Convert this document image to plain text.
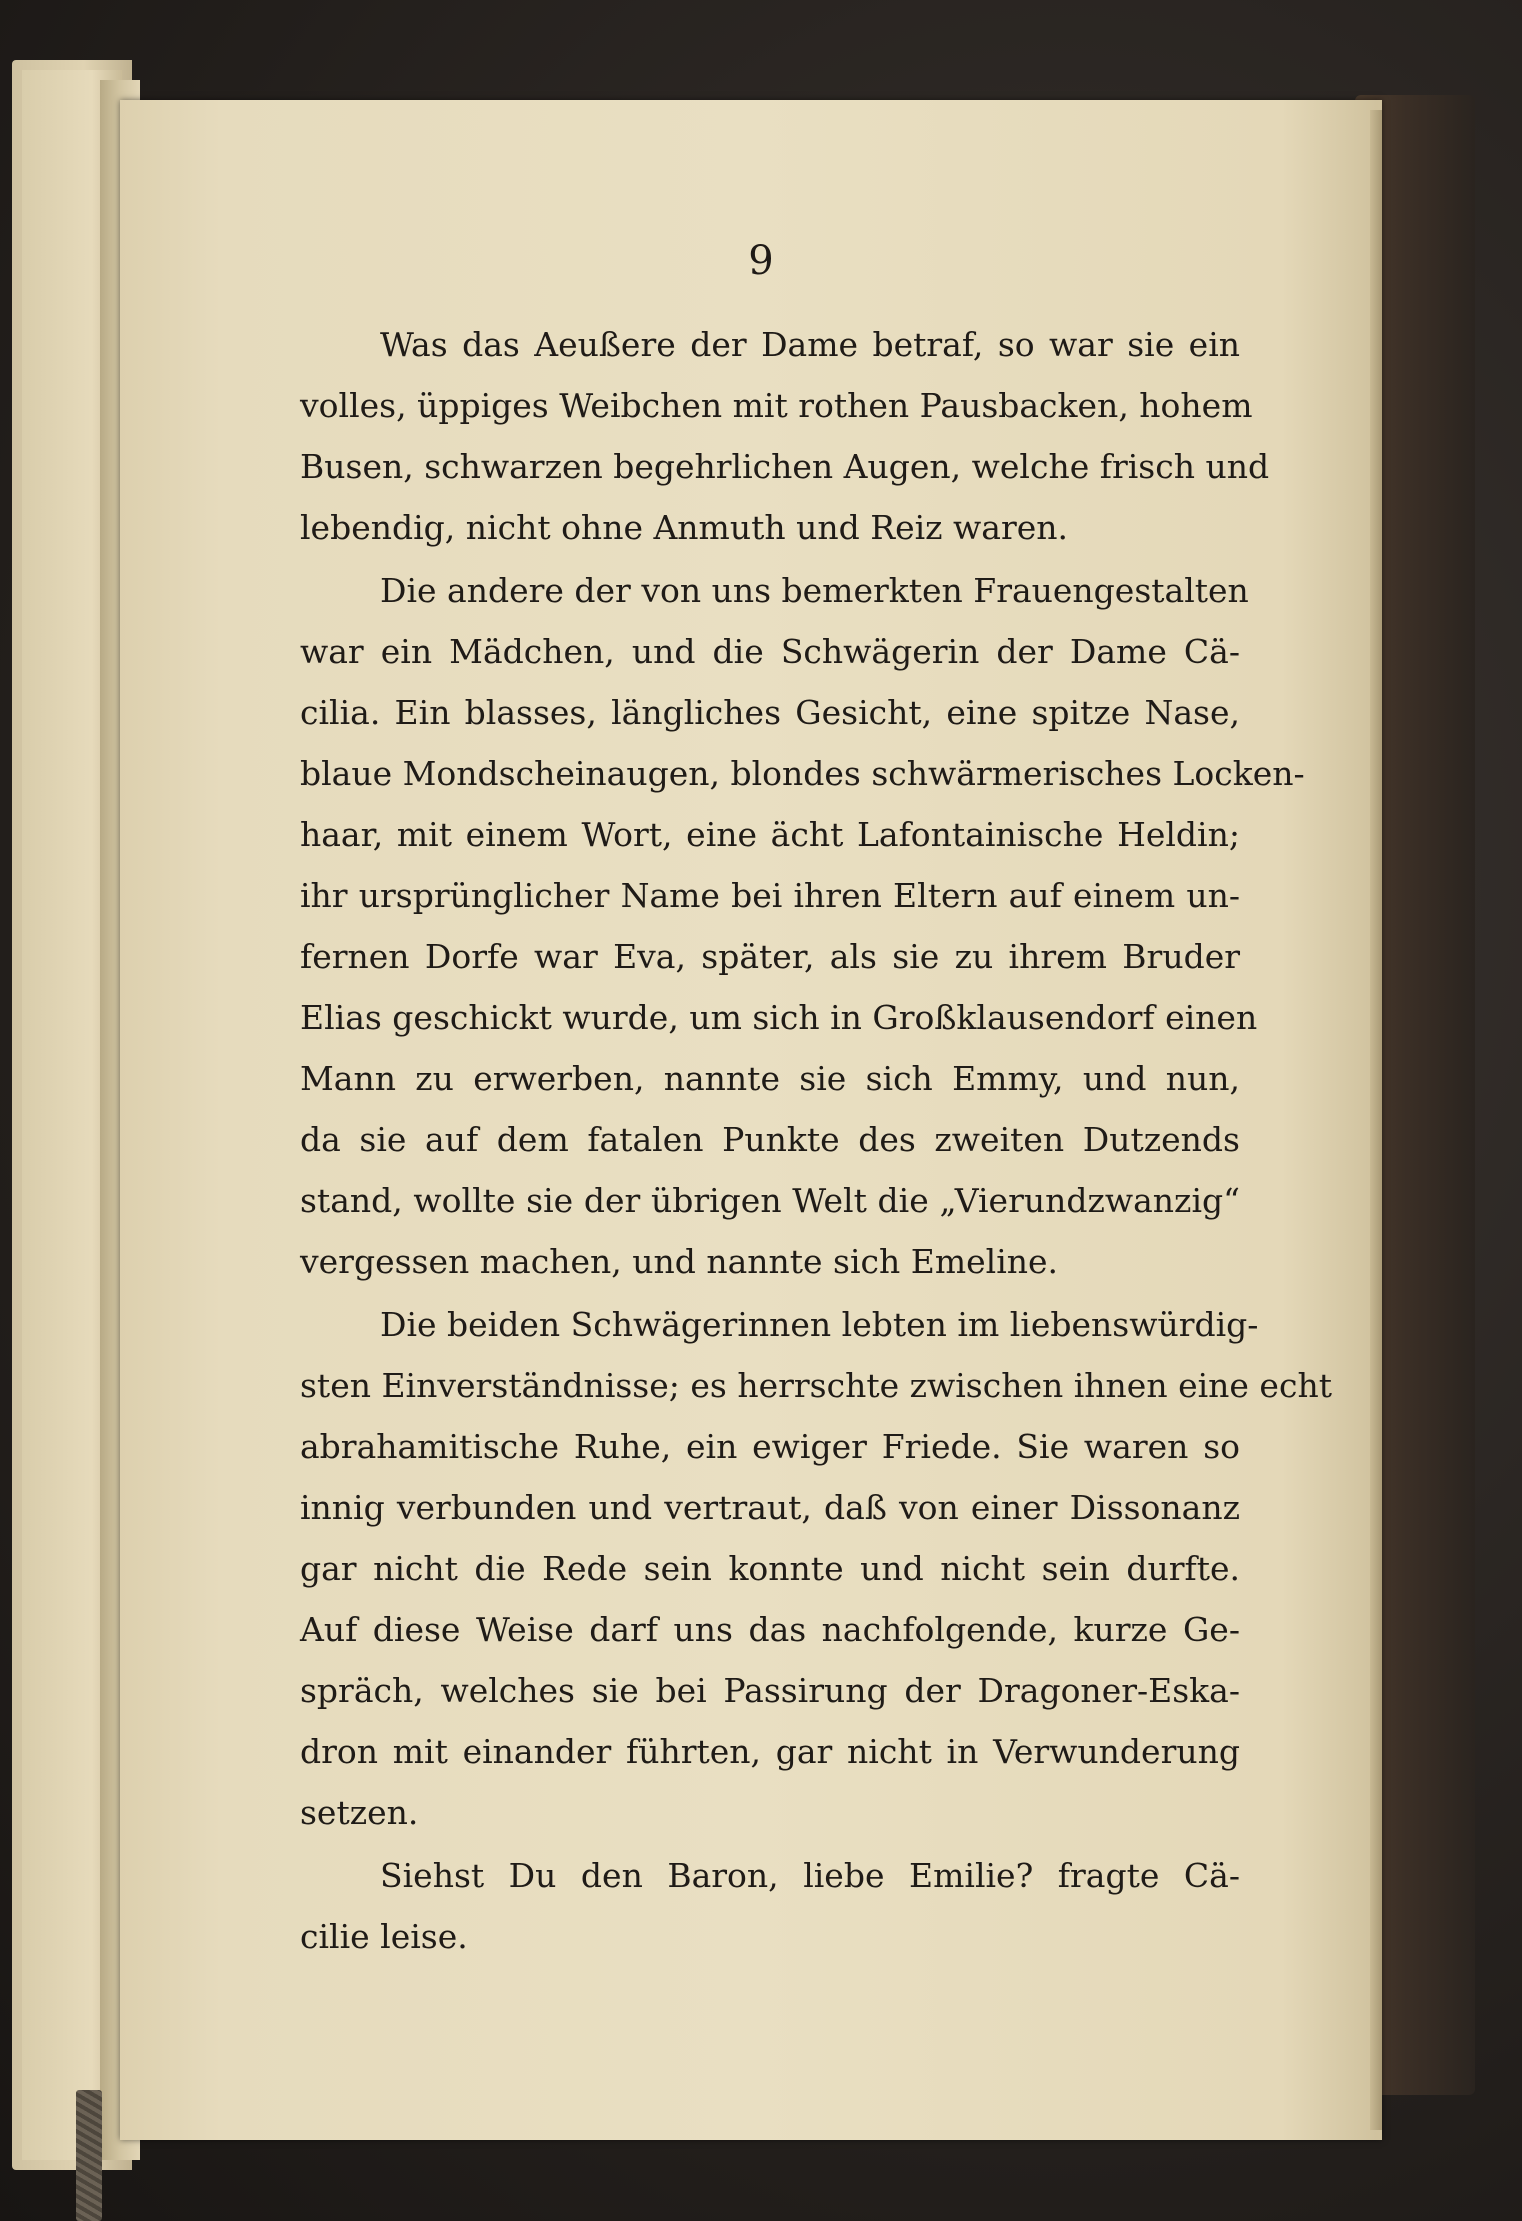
9
Was das Aeußere der Dame betraf, so war sie ein
volles, üppiges Weibchen mit rothen Pausbacken, hohem
Busen, schwarzen begehrlichen Augen, welche frisch und
lebendig, nicht ohne Anmuth und Reiz waren.
Die andere der von uns bemerkten Frauengestalten
war ein Mädchen, und die Schwägerin der Dame Cä-
cilia. Ein blasses, längliches Gesicht, eine spitze Nase,
blaue Mondscheinaugen, blondes schwärmerisches Locken-
haar, mit einem Wort, eine ächt Lafontainische Heldin;
ihr ursprünglicher Name bei ihren Eltern auf einem un-
fernen Dorfe war Eva, später, als sie zu ihrem Bruder
Elias geschickt wurde, um sich in Großklausendorf einen
Mann zu erwerben, nannte sie sich Emmy, und nun,
da sie auf dem fatalen Punkte des zweiten Dutzends
stand, wollte sie der übrigen Welt die „Vierundzwanzig“
vergessen machen, und nannte sich Emeline.
Die beiden Schwägerinnen lebten im liebenswürdig-
sten Einverständnisse; es herrschte zwischen ihnen eine echt
abrahamitische Ruhe, ein ewiger Friede. Sie waren so
innig verbunden und vertraut, daß von einer Dissonanz
gar nicht die Rede sein konnte und nicht sein durfte.
Auf diese Weise darf uns das nachfolgende, kurze Ge-
spräch, welches sie bei Passirung der Dragoner-Eska-
dron mit einander führten, gar nicht in Verwunderung
setzen.
Siehst Du den Baron, liebe Emilie? fragte Cä-
cilie leise.
